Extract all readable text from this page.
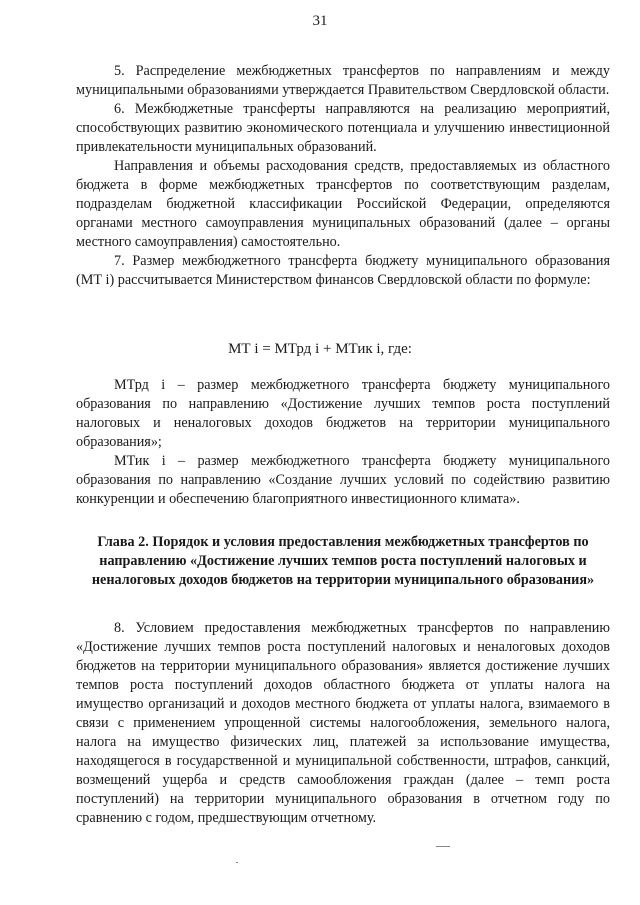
31

5. Распределение межбюджетных трансфертов по направлениям и между муниципальными образованиями утверждается Правительством Свердловской области.

6. Межбюджетные трансферты направляются на реализацию мероприятий, способствующих развитию экономического потенциала и улучшению инвестиционной привлекательности муниципальных образований.

Направления и объемы расходования средств, предоставляемых из областного бюджета в форме межбюджетных трансфертов по соответствующим разделам, подразделам бюджетной классификации Российской Федерации, определяются органами местного самоуправления муниципальных образований (далее – органы местного самоуправления) самостоятельно.

7. Размер межбюджетного трансферта бюджету муниципального образования (МТ i) рассчитывается Министерством финансов Свердловской области по формуле:

МТ i = МТрд i + МТик i, где:

МТрд i – размер межбюджетного трансферта бюджету муниципального образования по направлению «Достижение лучших темпов роста поступлений налоговых и неналоговых доходов бюджетов на территории муниципального образования»;

МТик i – размер межбюджетного трансферта бюджету муниципального образования по направлению «Создание лучших условий по содействию развитию конкуренции и обеспечению благоприятного инвестиционного климата».

Глава 2. Порядок и условия предоставления межбюджетных трансфертов по направлению «Достижение лучших темпов роста поступлений налоговых и неналоговых доходов бюджетов на территории муниципального образования»

8. Условием предоставления межбюджетных трансфертов по направлению «Достижение лучших темпов роста поступлений налоговых и неналоговых доходов бюджетов на территории муниципального образования» является достижение лучших темпов роста поступлений доходов областного бюджета от уплаты налога на имущество организаций и доходов местного бюджета от уплаты налога, взимаемого в связи с применением упрощенной системы налогообложения, земельного налога, налога на имущество физических лиц, платежей за использование имущества, находящегося в государственной и муниципальной собственности, штрафов, санкций, возмещений ущерба и средств самообложения граждан (далее – темп роста поступлений) на территории муниципального образования в отчетном году по сравнению с годом, предшествующим отчетному.
